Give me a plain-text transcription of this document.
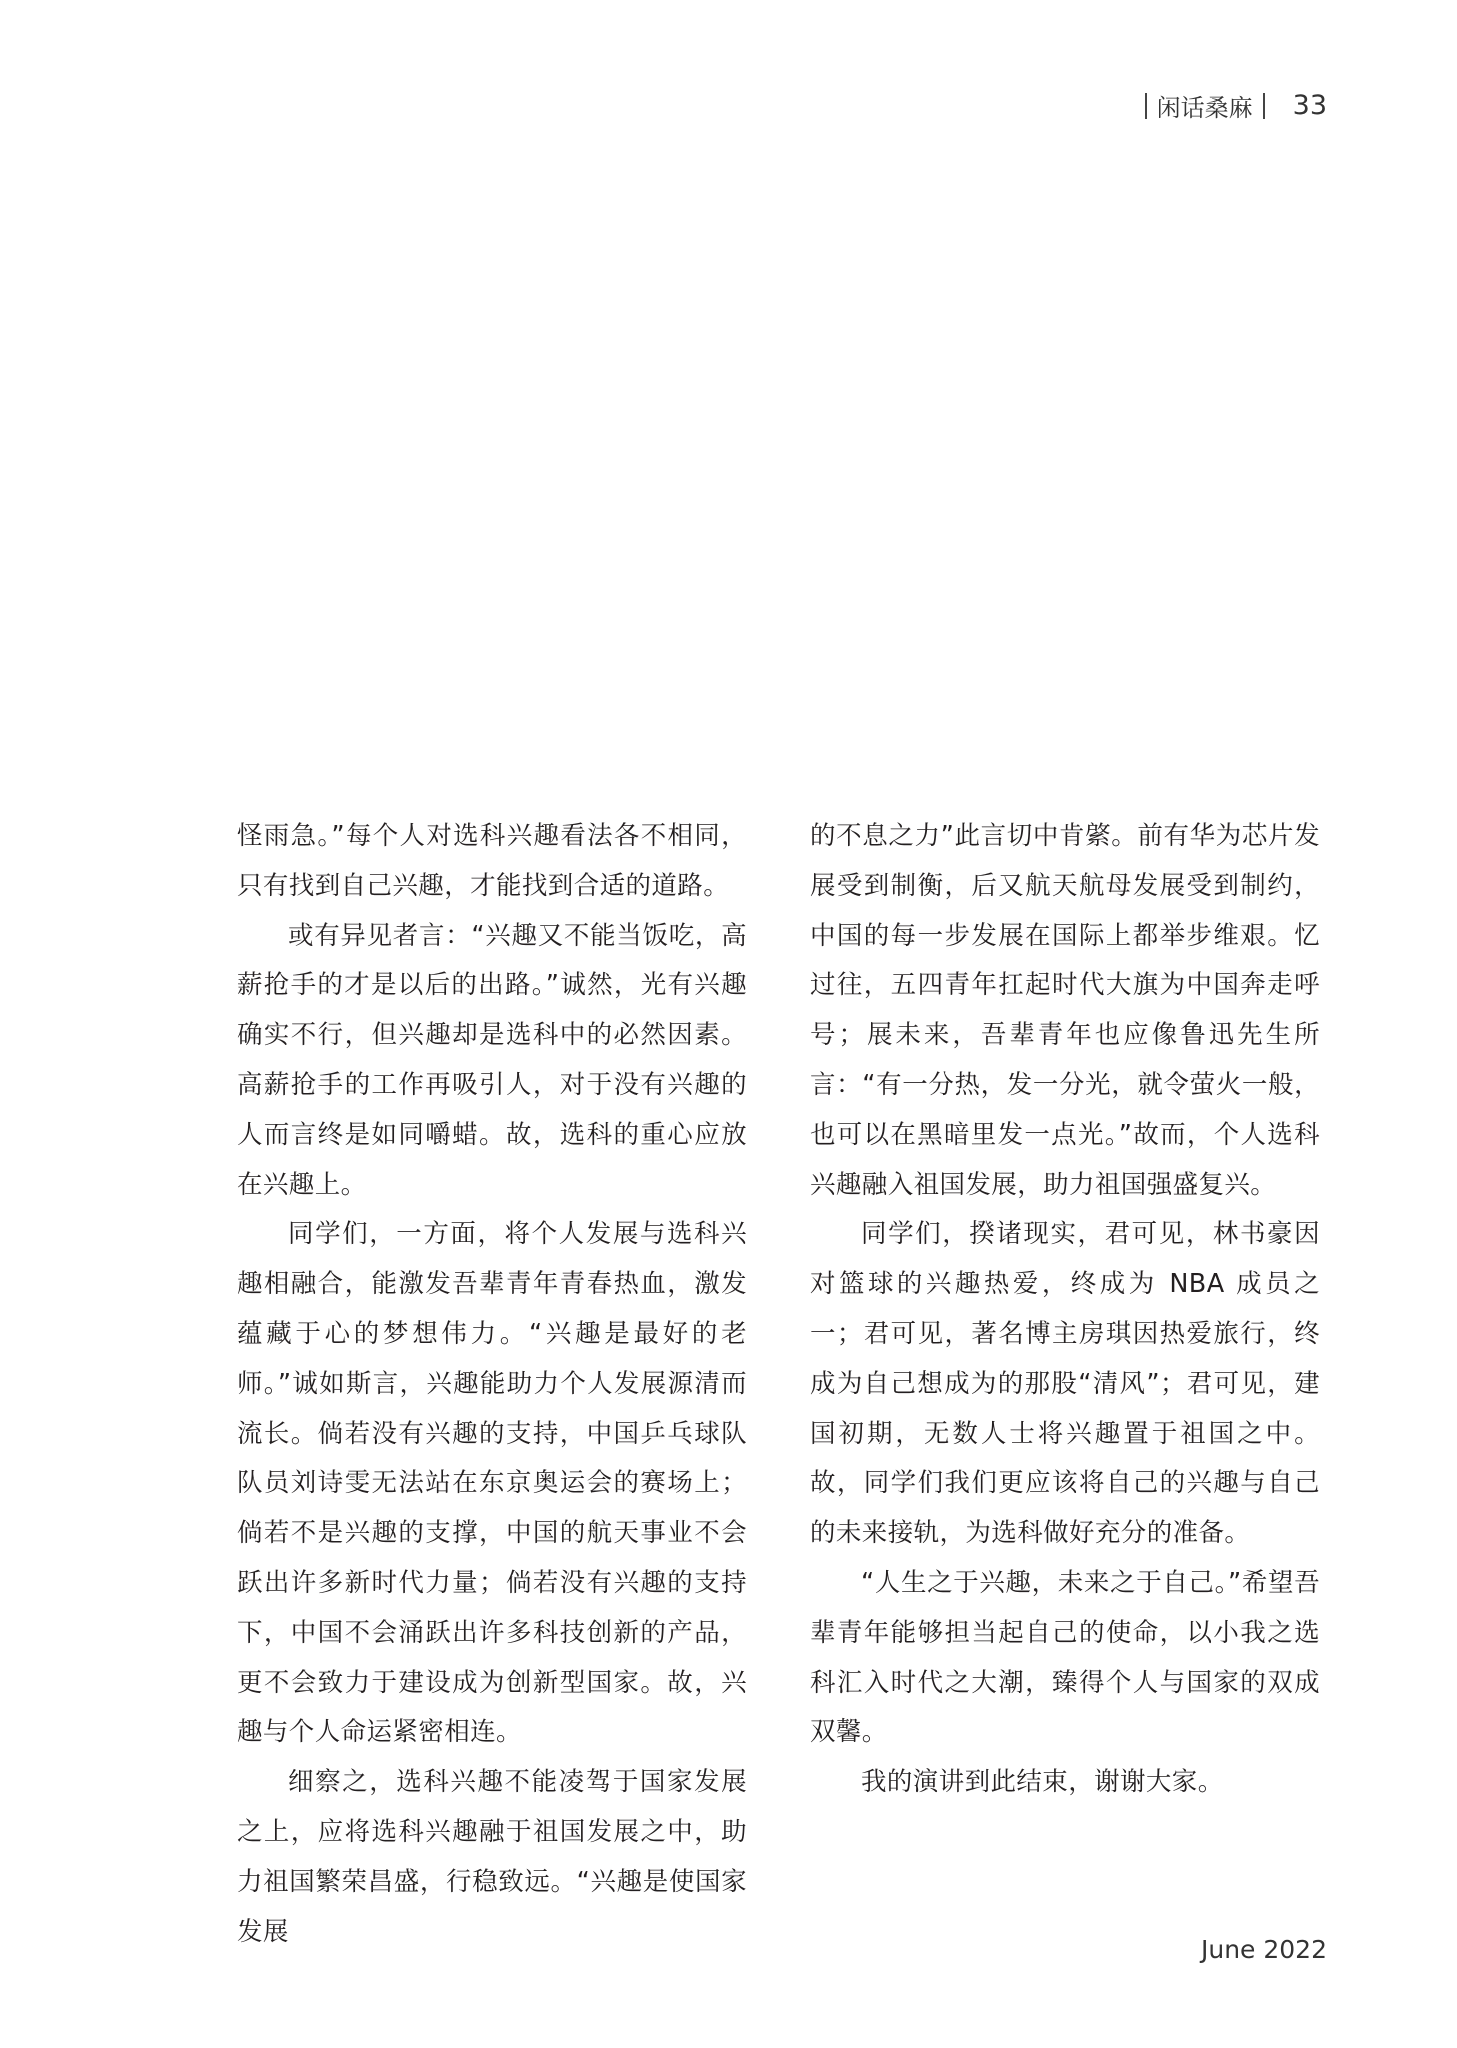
闲话桑麻 33

怪雨急。”每个人对选科兴趣看法各不相同，只有找到自己兴趣，才能找到合适的道路。

或有异见者言：“兴趣又不能当饭吃，高薪抢手的才是以后的出路。”诚然，光有兴趣确实不行，但兴趣却是选科中的必然因素。高薪抢手的工作再吸引人，对于没有兴趣的人而言终是如同嚼蜡。故，选科的重心应放在兴趣上。

同学们，一方面，将个人发展与选科兴趣相融合，能激发吾辈青年青春热血，激发蕴藏于心的梦想伟力。“兴趣是最好的老师。”诚如斯言，兴趣能助力个人发展源清而流长。倘若没有兴趣的支持，中国乒乓球队队员刘诗雯无法站在东京奥运会的赛场上；倘若不是兴趣的支撑，中国的航天事业不会跃出许多新时代力量；倘若没有兴趣的支持下，中国不会涌跃出许多科技创新的产品，更不会致力于建设成为创新型国家。故，兴趣与个人命运紧密相连。

细察之，选科兴趣不能凌驾于国家发展之上，应将选科兴趣融于祖国发展之中，助力祖国繁荣昌盛，行稳致远。“兴趣是使国家发展

的不息之力”此言切中肯綮。前有华为芯片发展受到制衡，后又航天航母发展受到制约，中国的每一步发展在国际上都举步维艰。忆过往，五四青年扛起时代大旗为中国奔走呼号；展未来，吾辈青年也应像鲁迅先生所言：“有一分热，发一分光，就令萤火一般，也可以在黑暗里发一点光。”故而，个人选科兴趣融入祖国发展，助力祖国强盛复兴。

同学们，揆诸现实，君可见，林书豪因对篮球的兴趣热爱，终成为 NBA 成员之一；君可见，著名博主房琪因热爱旅行，终成为自己想成为的那股“清风”；君可见，建国初期，无数人士将兴趣置于祖国之中。故，同学们我们更应该将自己的兴趣与自己的未来接轨，为选科做好充分的准备。

“人生之于兴趣，未来之于自己。”希望吾辈青年能够担当起自己的使命，以小我之选科汇入时代之大潮，臻得个人与国家的双成双馨。

我的演讲到此结束，谢谢大家。

June 2022
